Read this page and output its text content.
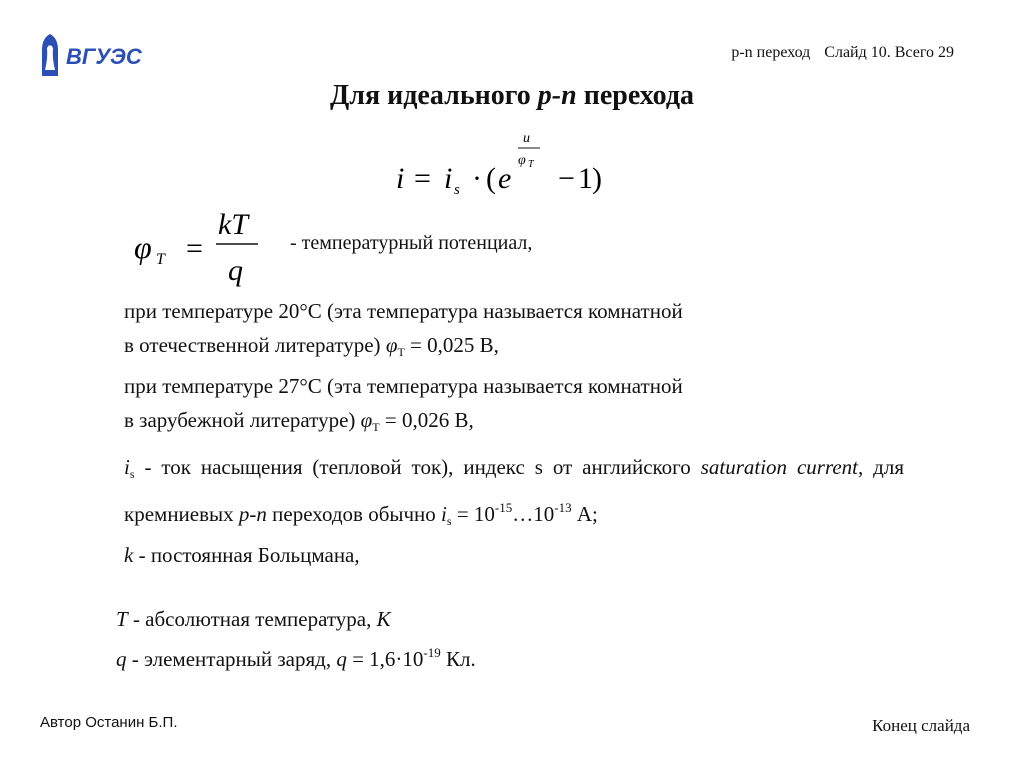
ВГУЭС	p-n переход Слайд 10. Всего 29
Для идеального p-n перехода
i = i s · ( e
u
φ T − 1 )
φ T =
kT
q
- температурный потенциал,
при температуре 20°С (эта температура называется комнатной
в отечественной литературе) $\varphi_T = 0,025$ В,
при температуре 27°С (эта температура называется комнатной
в зарубежной литературе) $\varphi_T = 0,026$ В,

$i_s$ - ток насыщения (тепловой ток), индекс s от английского saturation current, для кремниевых p-n переходов обычно $i_s$ = $10^{-15}\dots 10^{-13}$ А;

k - постоянная Больцмана,

T - абсолютная температура, К

q - элементарный заряд, $q = 1,6\cdot 10^{-19}$ Кл.

Автор Останин Б.П.	Конец слайда
